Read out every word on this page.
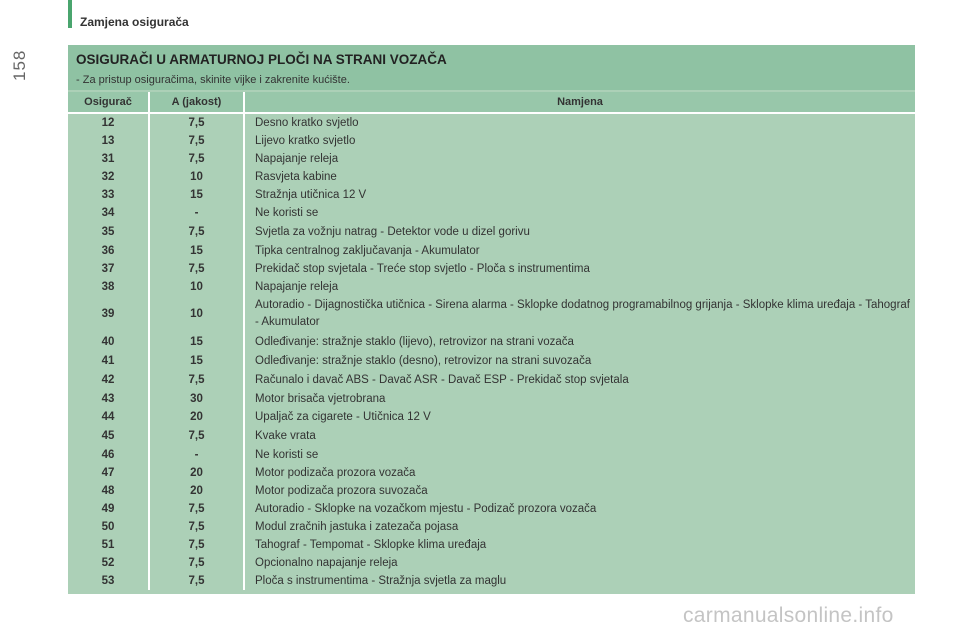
158
Zamjena osigurača
OSIGURAČI U ARMATURNOJ PLOČI NA STRANI VOZAČA
- Za pristup osiguračima, skinite vijke i zakrenite kućište.
Osigurač	A (jakost)	Namjena
12	7,5	Desno kratko svjetlo
13	7,5	Lijevo kratko svjetlo
31	7,5	Napajanje releja
32	10	Rasvjeta kabine
33	15	Stražnja utičnica 12 V
34	-	Ne koristi se
35	7,5	Svjetla za vožnju natrag - Detektor vode u dizel gorivu
36	15	Tipka centralnog zaključavanja - Akumulator
37	7,5	Prekidač stop svjetala - Treće stop svjetlo - Ploča s instrumentima
38	10	Napajanje releja
39	10
Autoradio - Dijagnostička utičnica - Sirena alarma - Sklopke dodatnog programabilnog grijanja - Sklopke klima uređaja - Tahograf - Akumulator
40	15	Odleđivanje: stražnje staklo (lijevo), retrovizor na strani vozača
41	15	Odleđivanje: stražnje staklo (desno), retrovizor na strani suvozača
42	7,5	Računalo i davač ABS - Davač ASR - Davač ESP - Prekidač stop svjetala
43	30	Motor brisača vjetrobrana
44	20	Upaljač za cigarete - Utičnica 12 V
45	7,5	Kvake vrata
46	-	Ne koristi se
47	20	Motor podizača prozora vozača
48	20	Motor podizača prozora suvozača
49	7,5	Autoradio - Sklopke na vozačkom mjestu - Podizač prozora vozača
50	7,5	Modul zračnih jastuka i zatezača pojasa
51	7,5	Tahograf - Tempomat - Sklopke klima uređaja
52	7,5	Opcionalno napajanje releja
53	7,5	Ploča s instrumentima - Stražnja svjetla za maglu
carmanualsonline.info
